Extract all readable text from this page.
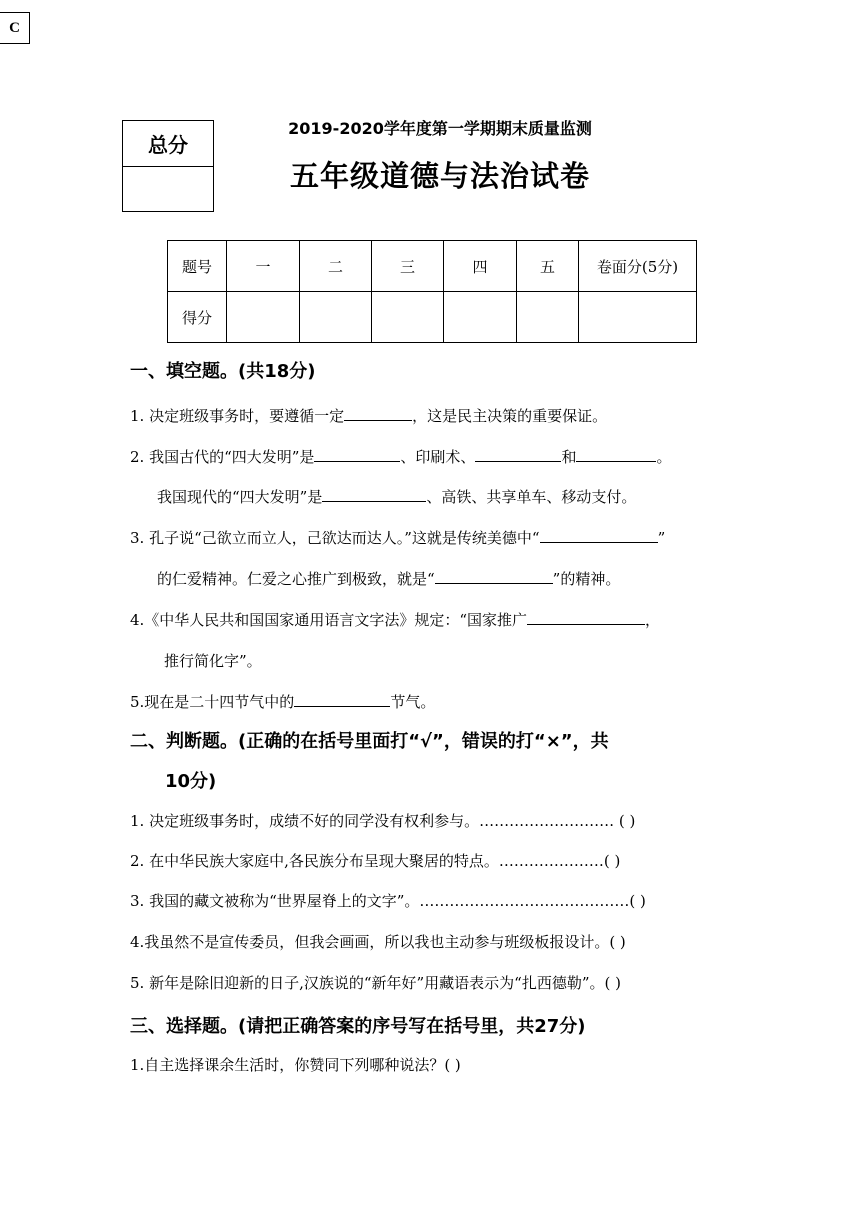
C
总分
2019-2020学年度第一学期期末质量监测
五年级道德与法治试卷
题号	一	二	三	四	五	卷面分(5分)
得分						
一、填空题。(共18分)
1. 决定班级事务时，要遵循一定	，这是民主决策的重要保证。
2. 我国古代的“四大发明”是	、印刷术、	和	。
我国现代的“四大发明”是	、高铁、共享单车、移动支付。
3. 孔子说“己欲立而立人，己欲达而达人。”这就是传统美德中“	”
的仁爱精神。仁爱之心推广到极致，就是“	”的精神。
4.《中华人民共和国国家通用语言文字法》规定：“国家推广	，
推行简化字”。
5.现在是二十四节气中的	节气。
二、判断题。(正确的在括号里面打“√”，错误的打“×”，共
10分)
1. 决定班级事务时，成绩不好的同学没有权利参与。……………………… ( )
2. 在中华民族大家庭中,各民族分布呈现大聚居的特点。…………………( )
3. 我国的藏文被称为“世界屋脊上的文字”。……………………………………( )
4.我虽然不是宣传委员，但我会画画，所以我也主动参与班级板报设计。( )
5. 新年是除旧迎新的日子,汉族说的“新年好”用藏语表示为“扎西德勒”。( )
三、选择题。(请把正确答案的序号写在括号里，共27分)
1.自主选择课余生活时，你赞同下列哪种说法？( )
